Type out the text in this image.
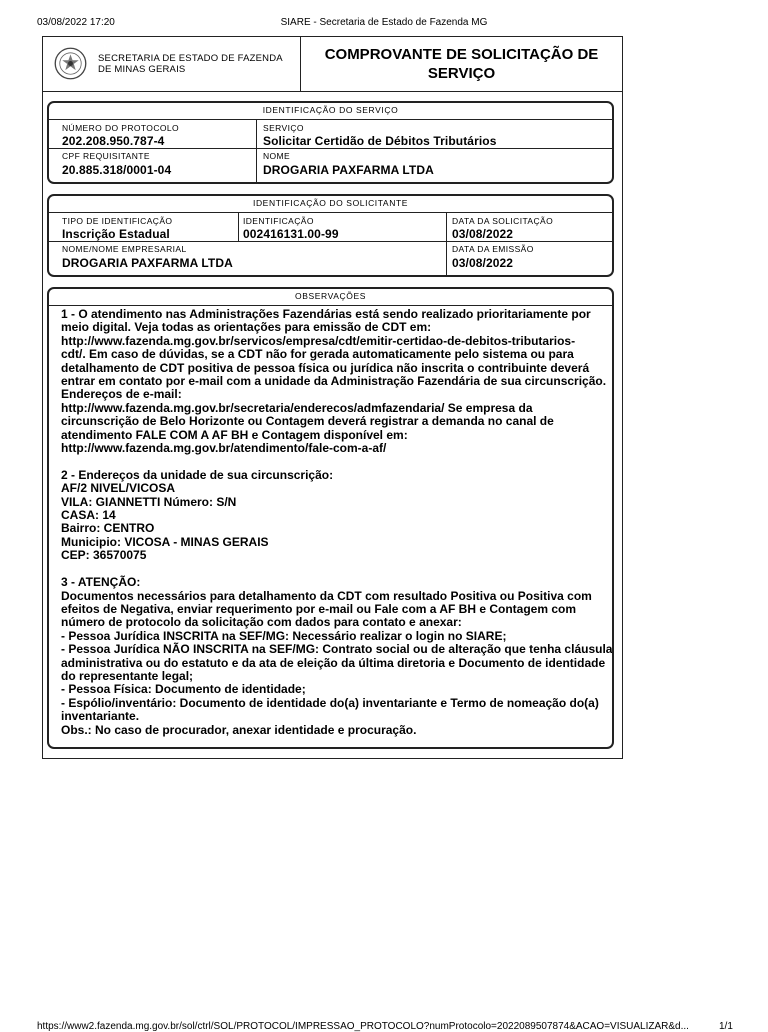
03/08/2022 17:20	SIARE - Secretaria de Estado de Fazenda MG
SECRETARIA DE ESTADO DE FAZENDA
DE MINAS GERAIS
COMPROVANTE DE SOLICITAÇÃO DE
SERVIÇO
IDENTIFICAÇÃO DO SERVIÇO
NÚMERO DO PROTOCOLO
202.208.950.787-4
SERVIÇO
Solicitar Certidão de Débitos Tributários
CPF REQUISITANTE
20.885.318/0001-04
NOME
DROGARIA PAXFARMA LTDA
IDENTIFICAÇÃO DO SOLICITANTE
TIPO DE IDENTIFICAÇÃO
Inscrição Estadual
IDENTIFICAÇÃO
002416131.00-99
DATA DA SOLICITAÇÃO
03/08/2022
NOME/NOME EMPRESARIAL
DROGARIA PAXFARMA LTDA
DATA DA EMISSÃO
03/08/2022
OBSERVAÇÕES

1 - O atendimento nas Administrações Fazendárias está sendo realizado prioritariamente por meio digital. Veja todas as orientações para emissão de CDT em:
http://www.fazenda.mg.gov.br/servicos/empresa/cdt/emitir-certidao-de-debitos-tributarios-
cdt/. Em caso de dúvidas, se a CDT não for gerada automaticamente pelo sistema ou para detalhamento de CDT positiva de pessoa física ou jurídica não inscrita o contribuinte deverá entrar em contato por e-mail com a unidade da Administração Fazendária de sua circunscrição. Endereços de e-mail:
http://www.fazenda.mg.gov.br/secretaria/enderecos/admfazendaria/ Se empresa da circunscrição de Belo Horizonte ou Contagem deverá registrar a demanda no canal de atendimento FALE COM A AF BH e Contagem disponível em:
http://www.fazenda.mg.gov.br/atendimento/fale-com-a-af/

2 - Endereços da unidade de sua circunscrição:
AF/2 NIVEL/VICOSA
VILA: GIANNETTI Número: S/N
CASA: 14
Bairro: CENTRO
Municipio: VICOSA - MINAS GERAIS
CEP: 36570075

3 - ATENÇÃO:
Documentos necessários para detalhamento da CDT com resultado Positiva ou Positiva com efeitos de Negativa, enviar requerimento por e-mail ou Fale com a AF BH e Contagem com número de protocolo da solicitação com dados para contato e anexar:
- Pessoa Jurídica INSCRITA na SEF/MG: Necessário realizar o login no SIARE;
- Pessoa Jurídica NÃO INSCRITA na SEF/MG: Contrato social ou de alteração que tenha cláusula administrativa ou do estatuto e da ata de eleição da última diretoria e Documento de identidade do representante legal;
- Pessoa Física: Documento de identidade;
- Espólio/inventário: Documento de identidade do(a) inventariante e Termo de nomeação do(a) inventariante.
Obs.: No caso de procurador, anexar identidade e procuração.

https://www2.fazenda.mg.gov.br/sol/ctrl/SOL/PROTOCOL/IMPRESSAO_PROTOCOLO?numProtocolo=20220895078​74&ACAO=VISUALIZAR&d...	1/1
